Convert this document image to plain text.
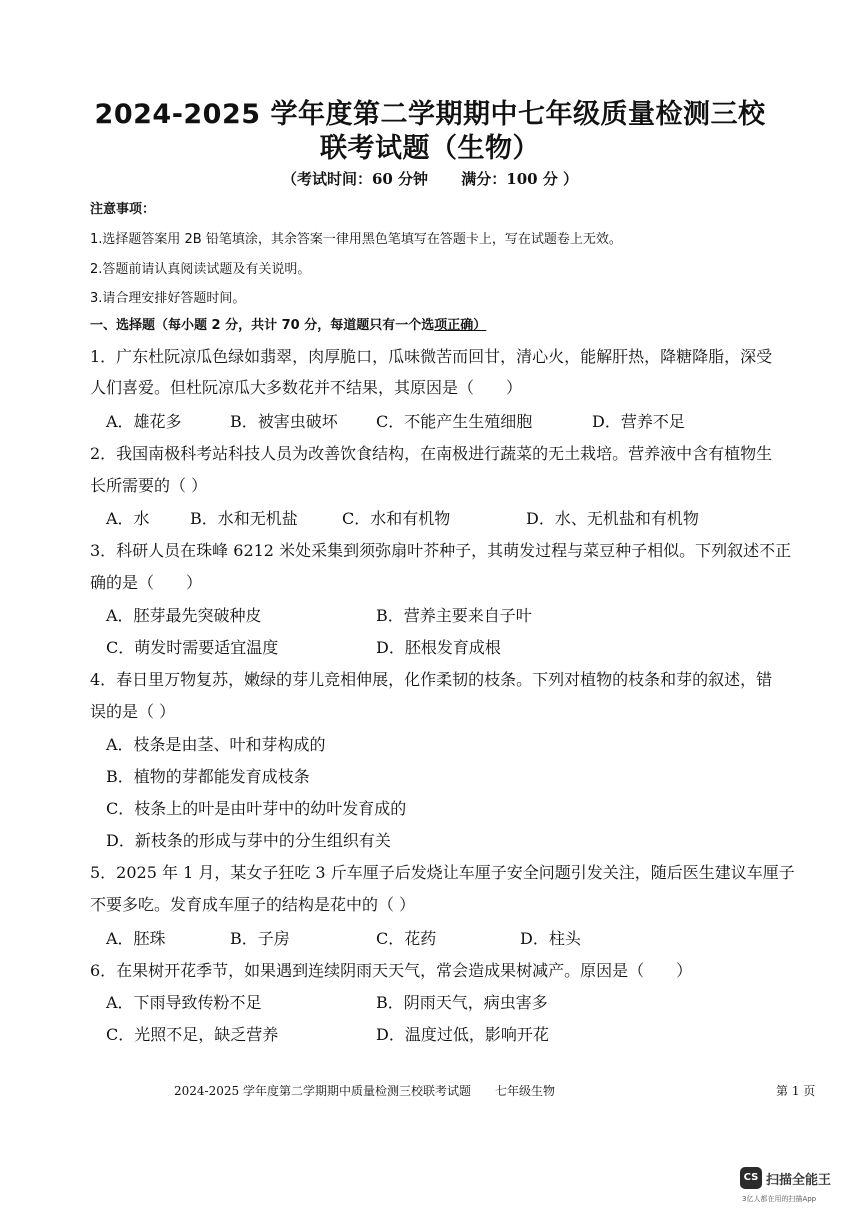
2024-2025 学年度第二学期期中七年级质量检测三校
联考试题（生物）
（考试时间：60 分钟 满分：100 分 ）
注意事项：
1.选择题答案用 2B 铅笔填涂，其余答案一律用黑色笔填写在答题卡上，写在试题卷上无效。
2.答题前请认真阅读试题及有关说明。
3.请合理安排好答题时间。
一、选择题（每小题 2 分，共计 70 分，每道题只有一个选项正确）
1．广东杜阮凉瓜色绿如翡翠，肉厚脆口，瓜味微苦而回甘，清心火，能解肝热，降糖降脂，深受
人们喜爱。但杜阮凉瓜大多数花并不结果，其原因是（　　）
A．雄花多	B．被害虫破坏 C．不能产生生殖细胞	D．营养不足
2．我国南极科考站科技人员为改善饮食结构，在南极进行蔬菜的无土栽培。营养液中含有植物生
长所需要的（ ）
A．水	B．水和无机盐	C．水和有机物	D．水、无机盐和有机物
3．科研人员在珠峰 6212 米处采集到须弥扇叶芥种子，其萌发过程与菜豆种子相似。下列叙述不正
确的是（　　）
A．胚芽最先突破种皮	B．营养主要来自子叶
C．萌发时需要适宜温度	D．胚根发育成根
4．春日里万物复苏，嫩绿的芽儿竞相伸展，化作柔韧的枝条。下列对植物的枝条和芽的叙述，错
误的是（ ）
A．枝条是由茎、叶和芽构成的
B．植物的芽都能发育成枝条
C．枝条上的叶是由叶芽中的幼叶发育成的
D．新枝条的形成与芽中的分生组织有关
5．2025 年 1 月，某女子狂吃 3 斤车厘子后发烧让车厘子安全问题引发关注，随后医生建议车厘子
不要多吃。发育成车厘子的结构是花中的（ ）
A．胚珠	B．子房	C．花药	D．柱头
6．在果树开花季节，如果遇到连续阴雨天天气，常会造成果树减产。原因是（　　）
A．下雨导致传粉不足	B．阴雨天气，病虫害多
C．光照不足，缺乏营养	D．温度过低，影响开花
2024-2025 学年度第二学期期中质量检测三校联考试题　　七年级生物	第 1 页
CS 扫描全能王
3亿人都在用的扫描App
